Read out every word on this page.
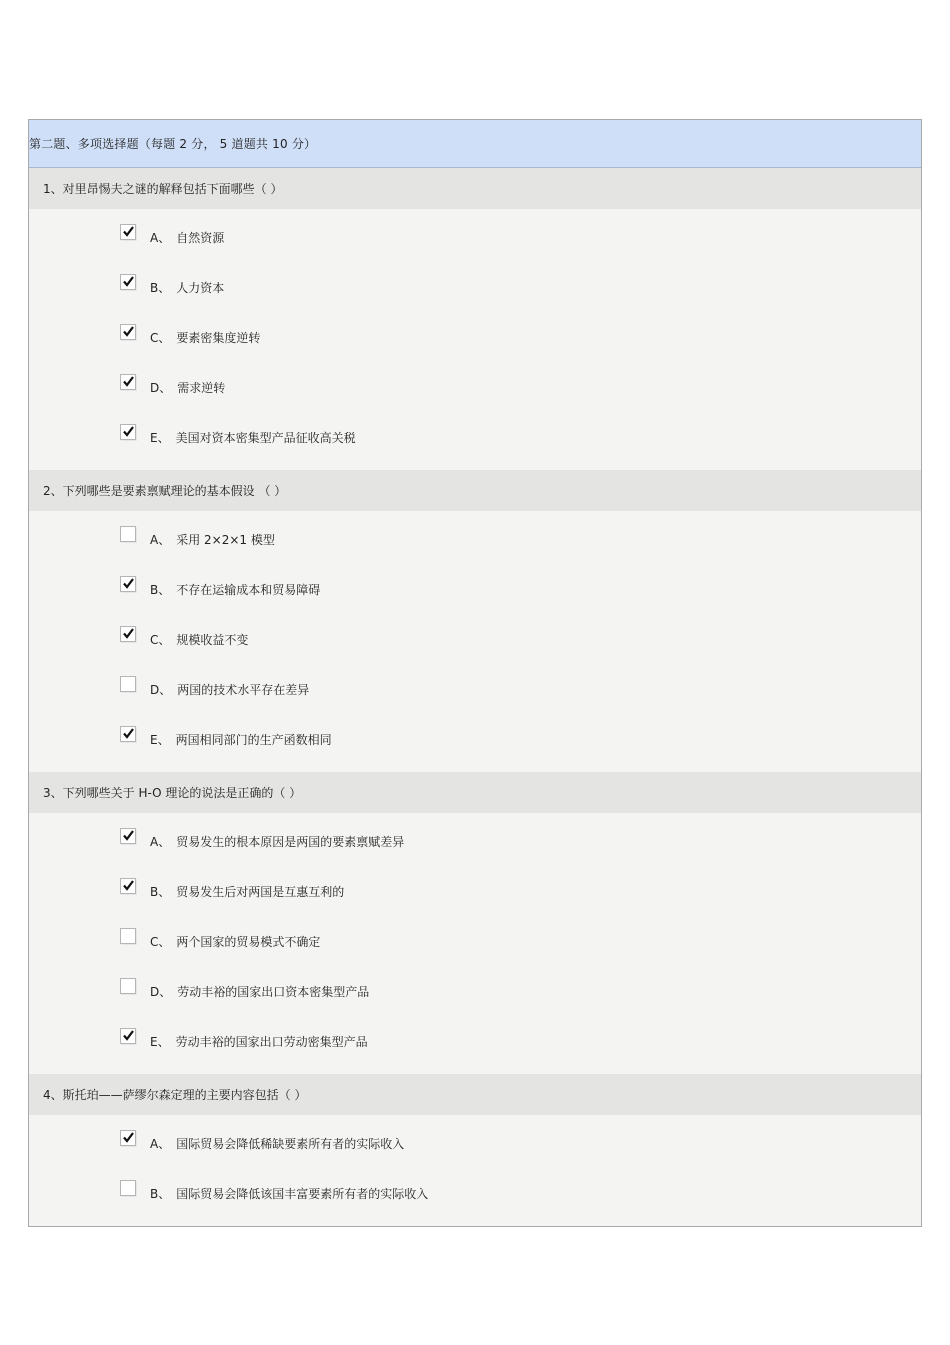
第二题、多项选择题（每题 2 分， 5 道题共 10 分）
1、对里昂惕夫之谜的解释包括下面哪些（ ）
A、 自然资源
B、 人力资本
C、 要素密集度逆转
D、 需求逆转
E、 美国对资本密集型产品征收高关税
2、下列哪些是要素禀赋理论的基本假设 （ ）
A、 采用 2×2×1 模型
B、 不存在运输成本和贸易障碍
C、 规模收益不变
D、 两国的技术水平存在差异
E、 两国相同部门的生产函数相同
3、下列哪些关于 H-O 理论的说法是正确的（ ）
A、 贸易发生的根本原因是两国的要素禀赋差异
B、 贸易发生后对两国是互惠互利的
C、 两个国家的贸易模式不确定
D、 劳动丰裕的国家出口资本密集型产品
E、 劳动丰裕的国家出口劳动密集型产品
4、斯托珀——萨缪尔森定理的主要内容包括（ ）
A、 国际贸易会降低稀缺要素所有者的实际收入
B、 国际贸易会降低该国丰富要素所有者的实际收入
